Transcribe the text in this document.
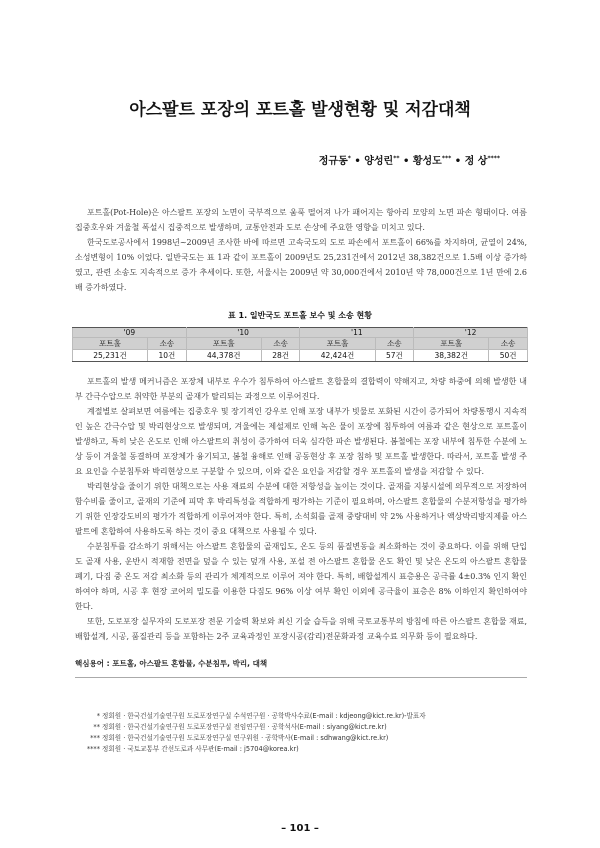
아스팔트 포장의 포트홀 발생현황 및 저감대책
정규동* • 양성린** • 황성도*** • 정 상****

포트홀(Pot-Hole)은 아스팔트 포장의 노면이 국부적으로 움푹 떨어져 나가 패어지는 항아리 모양의 노면 파손 형태이다. 여름 집중호우와 겨울철 폭설시 집중적으로 발생하며, 교통안전과 도로 손상에 주요한 영향을 미치고 있다.

한국도로공사에서 1998년~2009년 조사한 바에 따르면 고속국도의 도로 파손에서 포트홀이 66%를 차지하며, 균열이 24%, 소성변형이 10% 이었다. 일반국도는 표 1과 같이 포트홀이 2009년도 25,231건에서 2012년 38,382건으로 1.5배 이상 증가하였고, 관련 소송도 지속적으로 증가 추세이다. 또한, 서울시는 2009년 약 30,000건에서 2010년 약 78,000건으로 1년 만에 2.6배 증가하였다.

표 1. 일반국도 포트홀 보수 및 소송 현황
'09		'10		'11		'12	
포트홀	소송	포트홀	소송	포트홀	소송	포트홀	소송
25,231건	10건	44,378건	28건	42,424건	57건	38,382건	50건

포트홀의 발생 메커니즘은 포장체 내부로 우수가 침투하여 아스팔트 혼합물의 결합력이 약해지고, 차량 하중에 의해 발생한 내부 간극수압으로 취약한 부분의 골재가 탈리되는 과정으로 이루어진다.

계절별로 살펴보면 여름에는 집중호우 및 장기적인 강우로 인해 포장 내부가 빗물로 포화된 시간이 증가되어 차량통행시 지속적인 높은 간극수압 및 박리현상으로 발생되며, 겨울에는 제설제로 인해 녹은 물이 포장에 침투하여 여름과 같은 현상으로 포트홀이 발생하고, 특히 낮은 온도로 인해 아스팔트의 취성이 증가하여 더욱 심각한 파손 발생된다. 봄철에는 포장 내부에 침투한 수분에 노상 등이 겨울철 동결하며 포장체가 융기되고, 봄철 융해로 인해 공동현상 후 포장 침하 및 포트홀 발생한다. 따라서, 포트홀 발생 주요 요인을 수분침투와 박리현상으로 구분할 수 있으며, 이와 같은 요인을 저감할 경우 포트홀의 발생을 저감할 수 있다.

박리현상을 줄이기 위한 대책으로는 사용 재료의 수분에 대한 저항성을 높이는 것이다. 골재를 지붕시설에 의무적으로 저장하여 함수비를 줄이고, 골재의 기준에 피막 후 박리특성을 적합하게 평가하는 기준이 필요하며, 아스팔트 혼합물의 수분저항성을 평가하기 위한 인장강도비의 평가가 적합하게 이루어져야 한다. 특히, 소석회를 골재 중량대비 약 2% 사용하거나 액상박리방지제를 아스팔트에 혼합하여 사용하도록 하는 것이 중요 대책으로 사용될 수 있다.

수분침투를 감소하기 위해서는 아스팔트 혼합물의 골재입도, 온도 등의 품질변동을 최소화하는 것이 중요하다. 이를 위해 단입도 골재 사용, 운반시 적재함 전면을 덮을 수 있는 덮개 사용, 포설 전 아스팔트 혼합물 온도 확인 및 낮은 온도의 아스팔트 혼합물 폐기, 다짐 중 온도 저감 최소화 등의 관리가 체계적으로 이루어 져야 한다. 특히, 배합설계시 표층용은 공극률 4±0.3% 인지 확인하여야 하며, 시공 후 현장 코어의 밀도를 이용한 다짐도 96% 이상 여부 확인 이외에 공극율이 표층은 8% 이하인지 확인하여야 한다.

또한, 도로포장 실무자의 도로포장 전문 기술력 확보와 최신 기술 습득을 위해 국토교통부의 방침에 따른 아스팔트 혼합물 재료, 배합설계, 시공, 품질관리 등을 포함하는 2주 교육과정인 포장시공(감리)전문화과정 교육수료 의무화 등이 필요하다.

핵심용어 : 포트홀, 아스팔트 혼합물, 수분침투, 박리, 대책
* 정회원 · 한국건설기술연구원 도로포장연구실 수석연구원 · 공학박사수료(E-mail : kdjeong@kict.re.kr)-발표자
** 정회원 · 한국건설기술연구원 도로포장연구실 전임연구원 · 공학석사(E-mail : siyang@kict.re.kr)
*** 정회원 · 한국건설기술연구원 도로포장연구실 연구위원 · 공학박사(E-mail : sdhwang@kict.re.kr)
**** 정회원 · 국토교통부 간선도로과 사무관(E-mail : j5704@korea.kr)
– 101 –
